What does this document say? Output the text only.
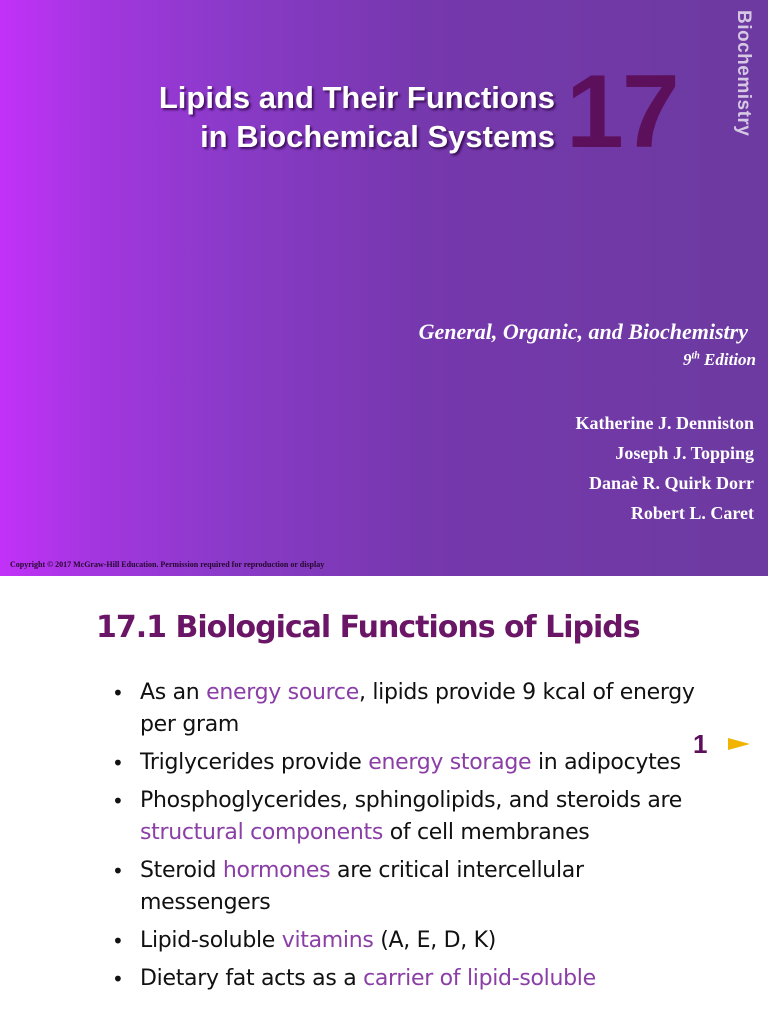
Lipids and Their Functions
in Biochemical Systems 17	Biochemistry
General, Organic, and Biochemistry
9th Edition
Katherine J. Denniston
Joseph J. Topping
Danaè R. Quirk Dorr
Robert L. Caret
Copyright © 2017 McGraw-Hill Education. Permission required for reproduction or display
17.1 Biological Functions of Lipids
• As an energy source, lipids provide 9 kcal of energy per gram
• Triglycerides provide energy storage in adipocytes
• Phosphoglycerides, sphingolipids, and steroids are structural components of cell membranes
• Steroid hormones are critical intercellular messengers
• Lipid-soluble vitamins (A, E, D, K)
• Dietary fat acts as a carrier of lipid-soluble
1
